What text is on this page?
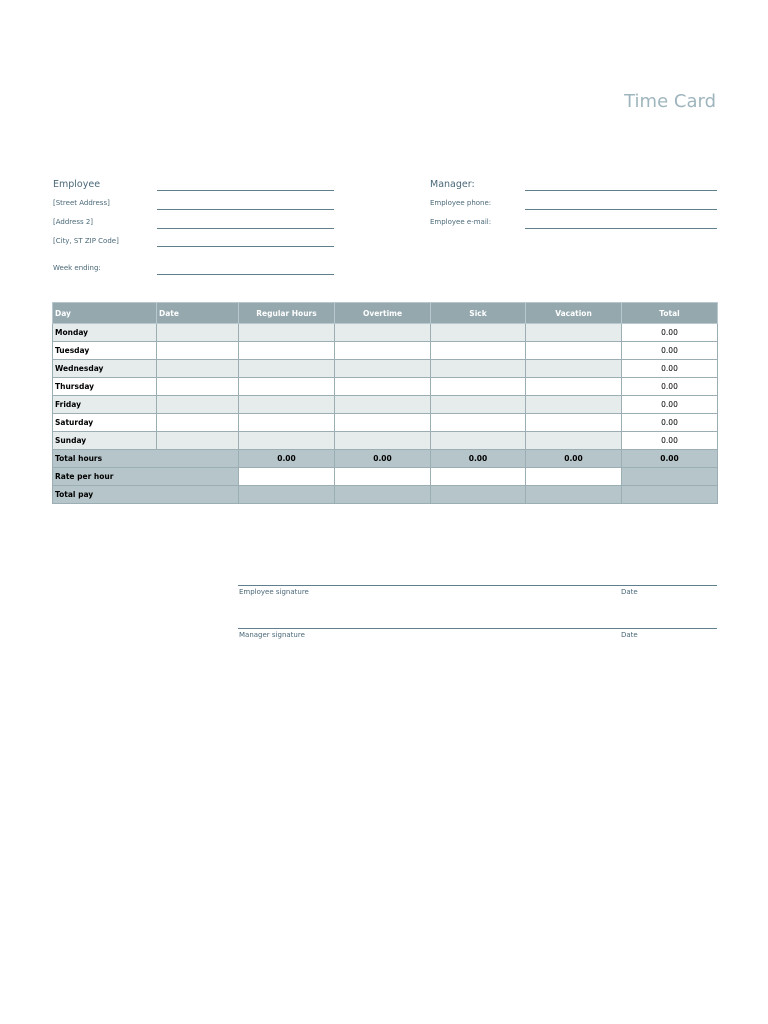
Time Card
Employee
[Street Address]
[Address 2]
[City, ST ZIP Code]
Week ending:
Manager:
Employee phone:
Employee e-mail:
Day	Date	Regular Hours	Overtime	Sick	Vacation	Total
Monday						0.00
Tuesday						0.00
Wednesday						0.00
Thursday						0.00
Friday						0.00
Saturday						0.00
Sunday						0.00
Total hours		0.00	0.00	0.00	0.00	0.00
Rate per hour						
Total pay						
Employee signature	Date
Manager signature	Date
